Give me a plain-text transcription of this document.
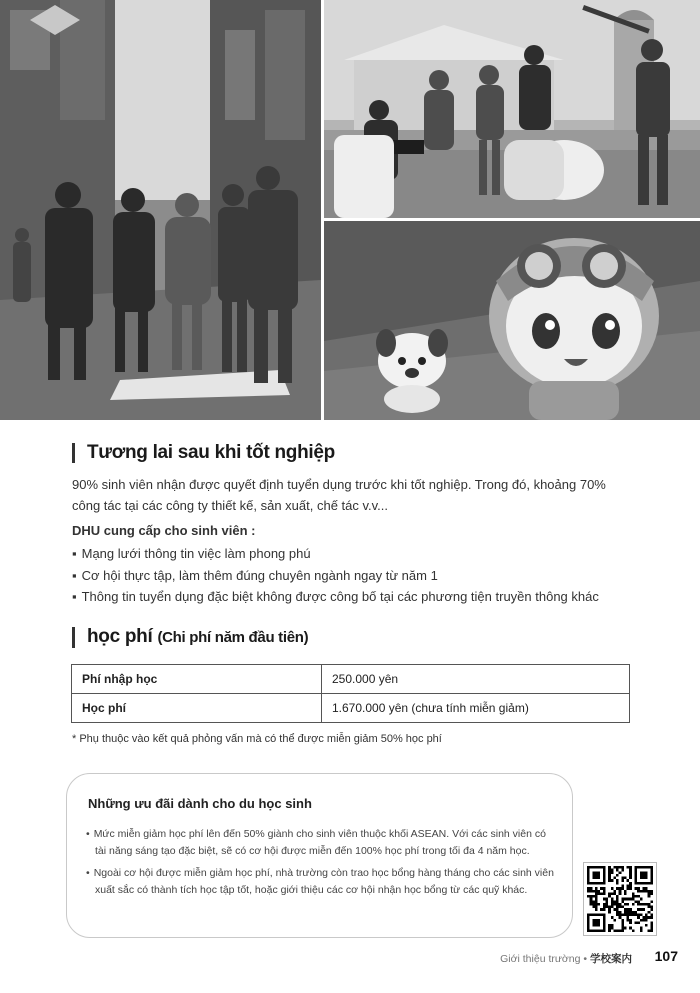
Tương lai sau khi tốt nghiệp

90% sinh viên nhận được quyết định tuyển dụng trước khi tốt nghiệp. Trong đó, khoảng 70% công tác tại các công ty thiết kế, sản xuất, chế tác v.v...

DHU cung cấp cho sinh viên :
▪ Mạng lưới thông tin việc làm phong phú
▪ Cơ hội thực tập, làm thêm đúng chuyên ngành ngay từ năm 1
▪ Thông tin tuyển dụng đặc biệt không được công bố tại các phương tiện truyền thông khác
học phí (Chi phí năm đầu tiên)
Phí nhập học	250.000 yên
Học phí	1.670.000 yên (chưa tính miễn giảm)
* Phụ thuộc vào kết quả phỏng vấn mà có thể được miễn giảm 50% học phí
Những ưu đãi dành cho du học sinh
• Mức miễn giảm học phí lên đến 50% giành cho sinh viên thuộc khối ASEAN. Với các sinh viên có tài năng sáng tạo đặc biệt, sẽ có cơ hội được miễn đến 100% học phí trong tối đa 4 năm học.
• Ngoài cơ hội được miễn giảm học phí, nhà trường còn trao học bổng hàng tháng cho các sinh viên xuất sắc có thành tích học tập tốt, hoặc giới thiệu các cơ hội nhận học bổng từ các quỹ khác.
Giới thiệu trường • 学校案内 107
